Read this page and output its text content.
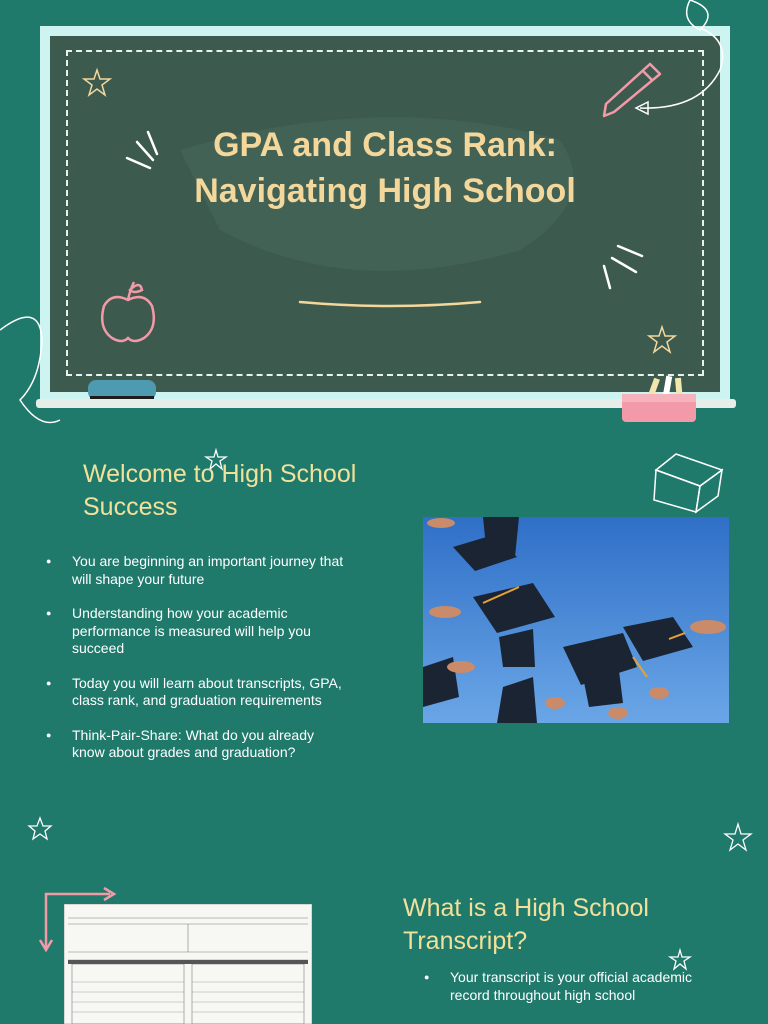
GPA and Class Rank: Navigating High School
Welcome to High School Success
● You are beginning an important journey that will shape your future
● Understanding how your academic performance is measured will help you succeed
● Today you will learn about transcripts, GPA, class rank, and graduation requirements
● Think-Pair-Share: What do you already know about grades and graduation?
What is a High School Transcript?
● Your transcript is your official academic record throughout high school
